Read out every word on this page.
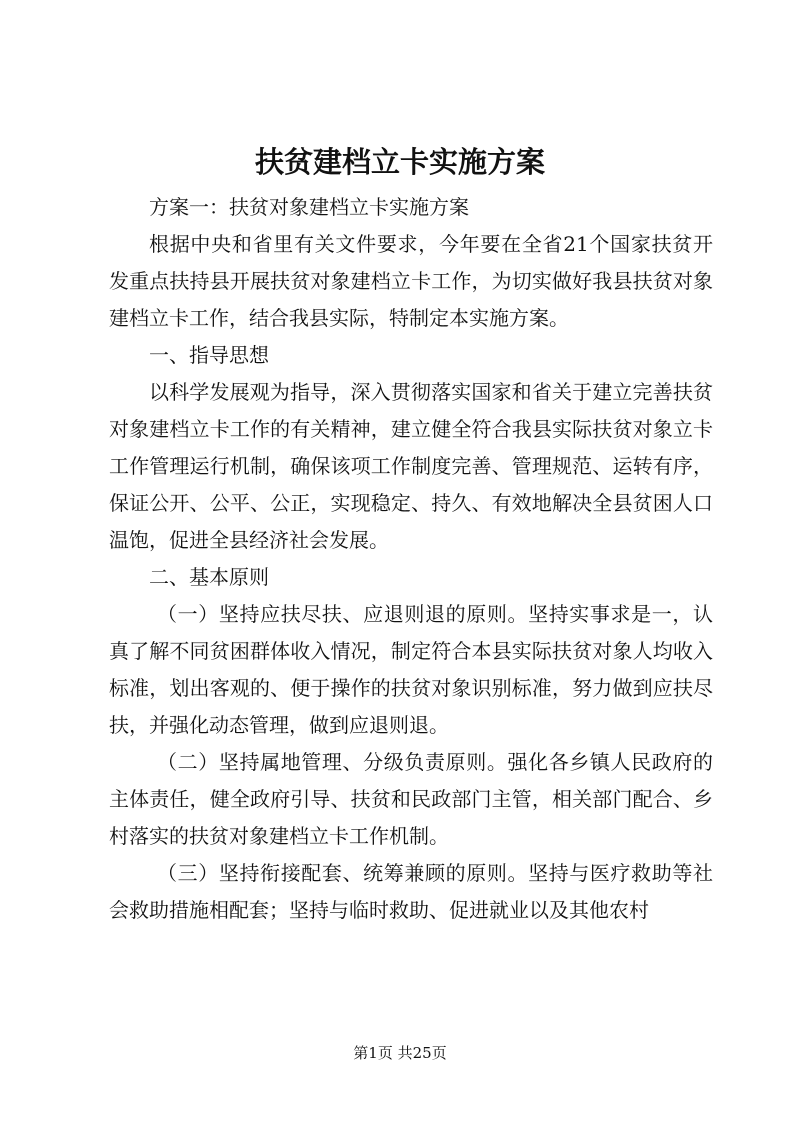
扶贫建档立卡实施方案

方案一：扶贫对象建档立卡实施方案

根据中央和省里有关文件要求，今年要在全省21个国家扶贫开发重点扶持县开展扶贫对象建档立卡工作，为切实做好我县扶贫对象建档立卡工作，结合我县实际，特制定本实施方案。

一、指导思想

以科学发展观为指导，深入贯彻落实国家和省关于建立完善扶贫对象建档立卡工作的有关精神，建立健全符合我县实际扶贫对象立卡工作管理运行机制，确保该项工作制度完善、管理规范、运转有序，保证公开、公平、公正，实现稳定、持久、有效地解决全县贫困人口温饱，促进全县经济社会发展。

二、基本原则

（一）坚持应扶尽扶、应退则退的原则。坚持实事求是一，认真了解不同贫困群体收入情况，制定符合本县实际扶贫对象人均收入标准，划出客观的、便于操作的扶贫对象识别标准，努力做到应扶尽扶，并强化动态管理，做到应退则退。

（二）坚持属地管理、分级负责原则。强化各乡镇人民政府的主体责任，健全政府引导、扶贫和民政部门主管，相关部门配合、乡村落实的扶贫对象建档立卡工作机制。

（三）坚持衔接配套、统筹兼顾的原则。坚持与医疗救助等社会救助措施相配套；坚持与临时救助、促进就业以及其他农村

第1页 共25页
